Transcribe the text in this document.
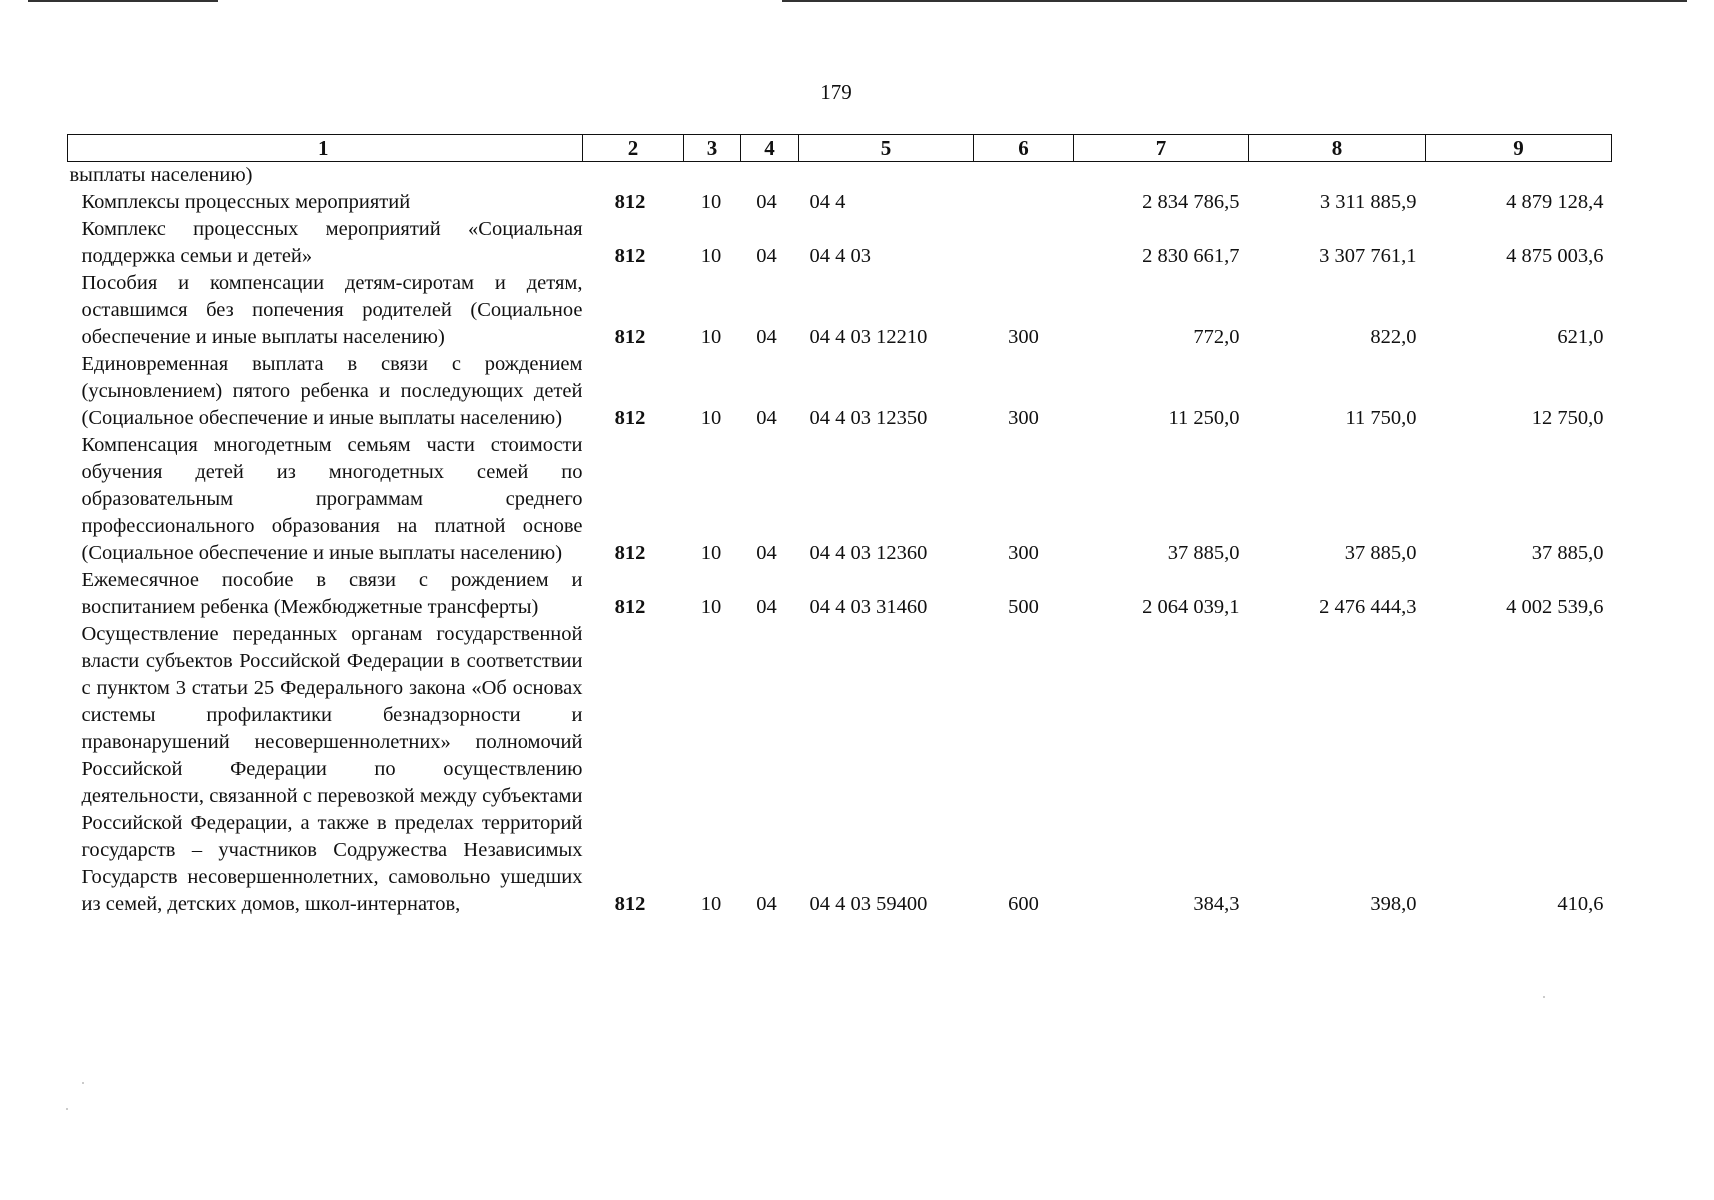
179
1	2	3	4	5	6	7	8	9
выплаты населению)								
Комплексы процессных мероприятий	812	10	04	04 4		2 834 786,5	3 311 885,9	4 879 128,4
Комплекс процессных мероприятий «Социальная поддержка семьи и детей»	812	10	04	04 4 03		2 830 661,7	3 307 761,1	4 875 003,6
Пособия и компенсации детям-сиротам и детям, оставшимся без попечения родителей (Социальное обеспечение и иные выплаты населению)	812	10	04	04 4 03 12210	300	772,0	822,0	621,0
Единовременная выплата в связи с рождением (усыновлением) пятого ребенка и последующих детей (Социальное обеспечение и иные выплаты населению)	812	10	04	04 4 03 12350	300	11 250,0	11 750,0	12 750,0
Компенсация многодетным семьям части стоимости обучения детей из многодетных семей по образовательным программам среднего профессионального образования на платной основе (Социальное обеспечение и иные выплаты населению)	812	10	04	04 4 03 12360	300	37 885,0	37 885,0	37 885,0
Ежемесячное пособие в связи с рождением и воспитанием ребенка (Межбюджетные трансферты)	812	10	04	04 4 03 31460	500	2 064 039,1	2 476 444,3	4 002 539,6
Осуществление переданных органам государственной власти субъектов Российской Федерации в соответствии с пунктом 3 статьи 25 Федерального закона «Об основах системы профилактики безнадзорности и правонарушений несовершеннолетних» полномочий Российской Федерации по осуществлению деятельности, связанной с перевозкой между субъектами Российской Федерации, а также в пределах территорий государств – участников Содружества Независимых Государств несовершеннолетних, самовольно ушедших из семей, детских домов, школ-интернатов,	812	10	04	04 4 03 59400	600	384,3	398,0	410,6
